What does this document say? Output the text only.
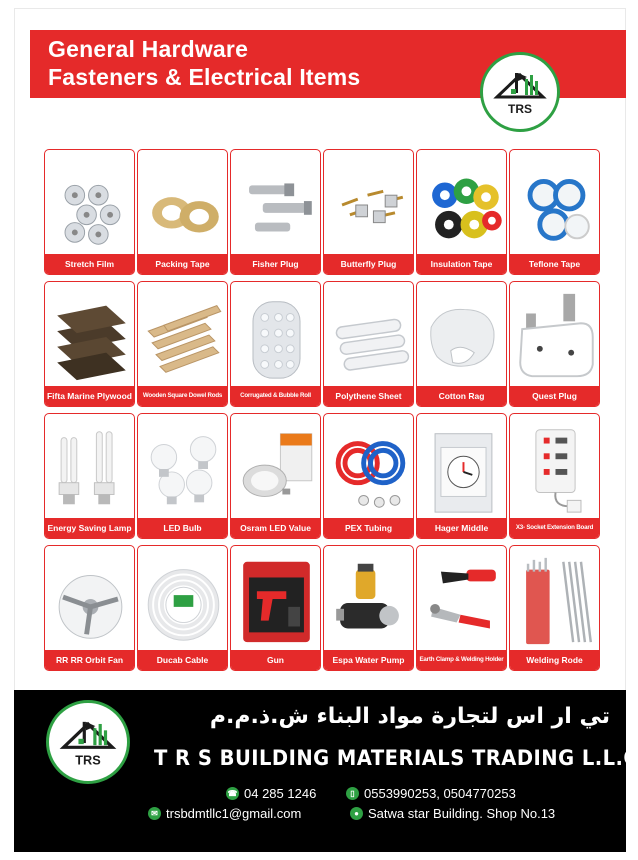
General Hardware
Fasteners & Electrical Items
TRS
Stretch Film	Packing Tape	Fisher Plug	Butterfly Plug	Insulation Tape	Teflone Tape
Fifta Marine Plywood	Wooden Square Dowel Rods	Corrugated & Bubble Roll	Polythene Sheet	Cotton Rag	Quest Plug
Energy Saving Lamp	LED Bulb	Osram LED Value	PEX Tubing	Hager Middle	X3- Socket Extension Board
RR RR Orbit Fan	Ducab Cable	Gun	Espa Water Pump	Earth Clamp & Welding Holder	Welding Rode
TRS
تي ار اس لتجارة مواد البناء ش.ذ.م.م
T R S BUILDING MATERIALS TRADING L.L.C
☎ 04 285 1246	▯ 0553990253, 0504770253
✉ trsbdmtllc1@gmail.com	● Satwa star Building. Shop No.13
